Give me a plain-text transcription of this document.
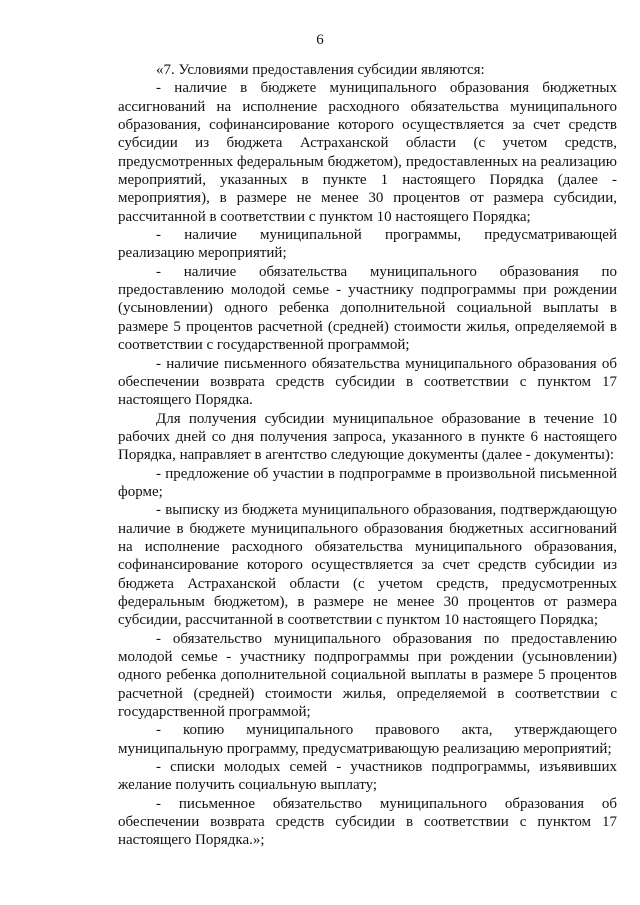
6

«7. Условиями предоставления субсидии являются:

- наличие в бюджете муниципального образования бюджетных ассигнований на исполнение расходного обязательства муниципального образования, софинансирование которого осуществляется за счет средств субсидии из бюджета Астраханской области (с учетом средств, предусмотренных федеральным бюджетом), предоставленных на реализацию мероприятий, указанных в пункте 1 настоящего Порядка (далее - мероприятия), в размере не менее 30 процентов от размера субсидии, рассчитанной в соответствии с пунктом 10 настоящего Порядка;

- наличие муниципальной программы, предусматривающей реализацию мероприятий;

- наличие обязательства муниципального образования по предоставлению молодой семье - участнику подпрограммы при рождении (усыновлении) одного ребенка дополнительной социальной выплаты в размере 5 процентов расчетной (средней) стоимости жилья, определяемой в соответствии с государственной программой;

- наличие письменного обязательства муниципального образования об обеспечении возврата средств субсидии в соответствии с пунктом 17 настоящего Порядка.

Для получения субсидии муниципальное образование в течение 10 рабочих дней со дня получения запроса, указанного в пункте 6 настоящего Порядка, направляет в агентство следующие документы (далее - документы):

- предложение об участии в подпрограмме в произвольной письменной форме;

- выписку из бюджета муниципального образования, подтверждающую наличие в бюджете муниципального образования бюджетных ассигнований на исполнение расходного обязательства муниципального образования, софинансирование которого осуществляется за счет средств субсидии из бюджета Астраханской области (с учетом средств, предусмотренных федеральным бюджетом), в размере не менее 30 процентов от размера субсидии, рассчитанной в соответствии с пунктом 10 настоящего Порядка;

- обязательство муниципального образования по предоставлению молодой семье - участнику подпрограммы при рождении (усыновлении) одного ребенка дополнительной социальной выплаты в размере 5 процентов расчетной (средней) стоимости жилья, определяемой в соответствии с государственной программой;

- копию муниципального правового акта, утверждающего муниципальную программу, предусматривающую реализацию мероприятий;

- списки молодых семей - участников подпрограммы, изъявивших желание получить социальную выплату;

- письменное обязательство муниципального образования об обеспечении возврата средств субсидии в соответствии с пунктом 17 настоящего Порядка.»;
